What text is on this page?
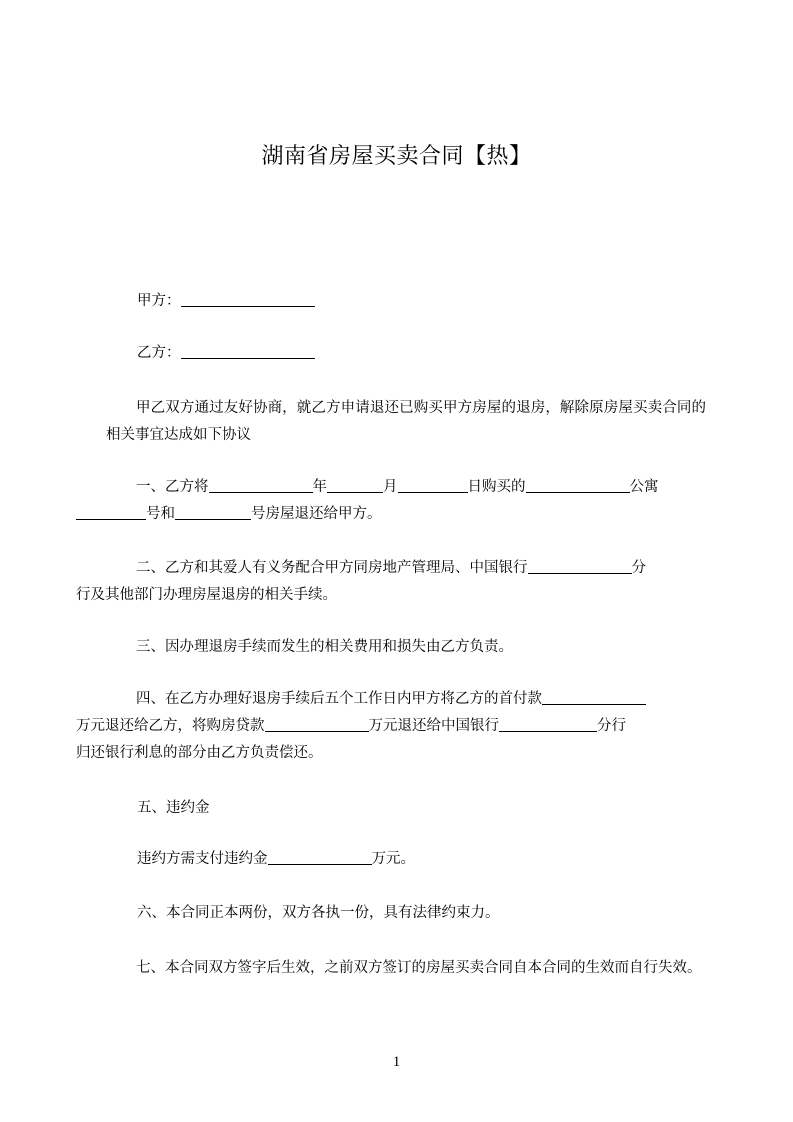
湖南省房屋买卖合同【热】
甲方：
乙方：
甲乙双方通过友好协商，就乙方申请退还已购买甲方房屋的退房，解除原房屋买卖合同的相关事宜达成如下协议
一、乙方将	年	月	日购买的	公寓
号和	号房屋退还给甲方。
二、乙方和其爱人有义务配合甲方同房地产管理局、中国银行	分
行及其他部门办理房屋退房的相关手续。
三、因办理退房手续而发生的相关费用和损失由乙方负责。
四、在乙方办理好退房手续后五个工作日内甲方将乙方的首付款
万元退还给乙方，将购房贷款	万元退还给中国银行	分行
归还银行利息的部分由乙方负责偿还。
五、违约金
违约方需支付违约金	万元。
六、本合同正本两份，双方各执一份，具有法律约束力。
七、本合同双方签字后生效，之前双方签订的房屋买卖合同自本合同的生效而自行失效。
1
